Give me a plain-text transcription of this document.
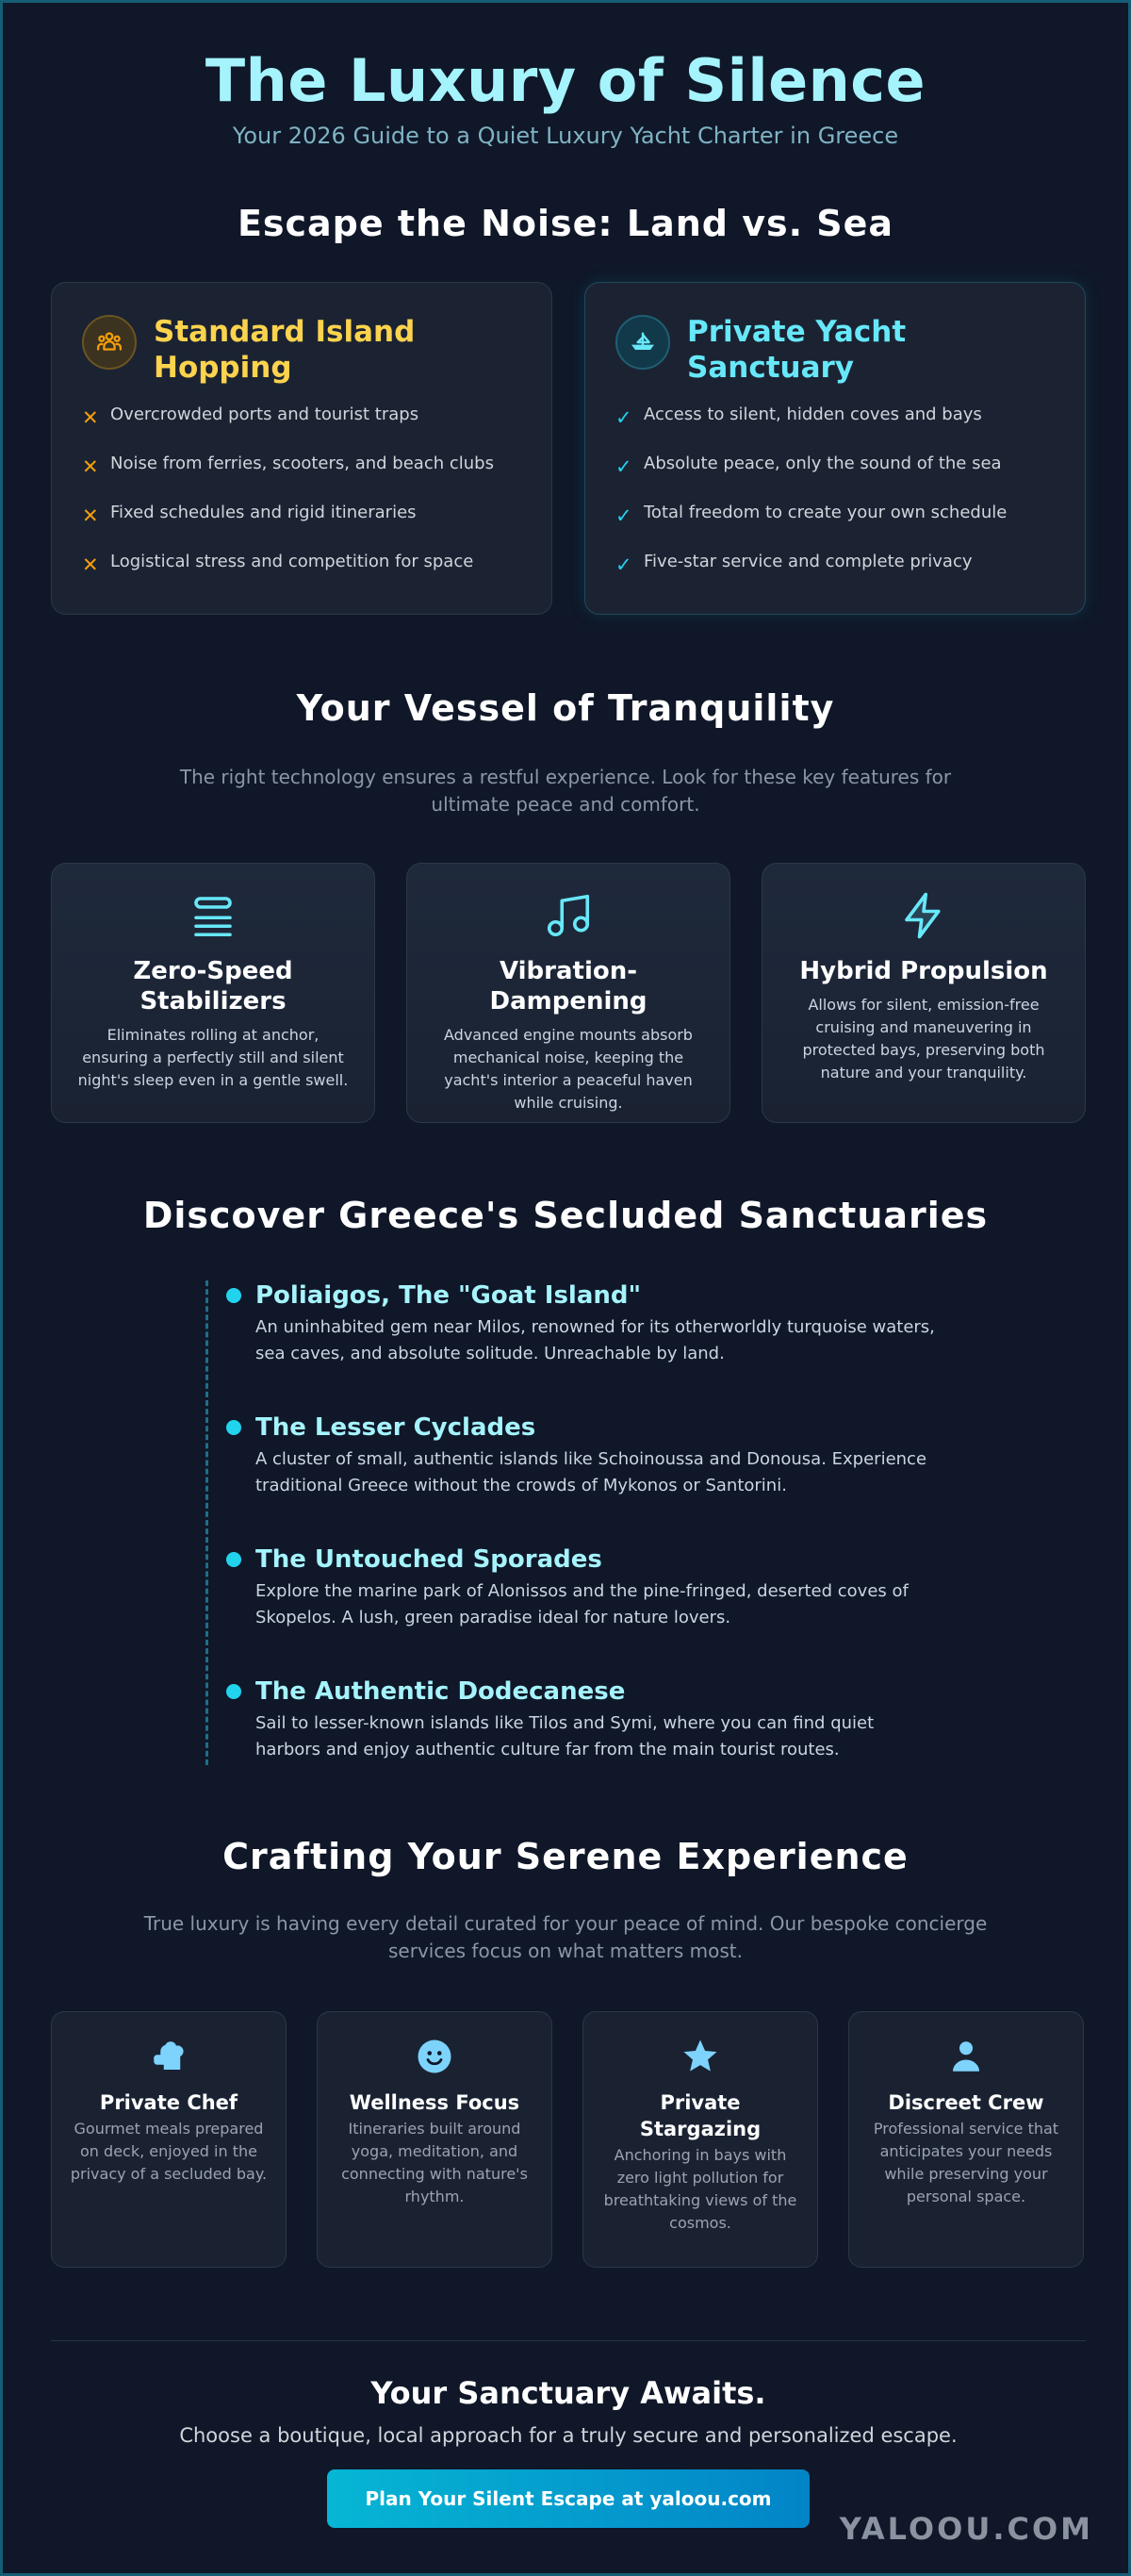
The Luxury of Silence
Your 2026 Guide to a Quiet Luxury Yacht Charter in Greece
Escape the Noise: Land vs. Sea
Standard Island
Hopping
✕ Overcrowded ports and tourist traps
✕ Noise from ferries, scooters, and beach clubs
✕ Fixed schedules and rigid itineraries
✕ Logistical stress and competition for space
Private Yacht
Sanctuary
✓ Access to silent, hidden coves and bays
✓ Absolute peace, only the sound of the sea
✓ Total freedom to create your own schedule
✓ Five-star service and complete privacy
Your Vessel of Tranquility
The right technology ensures a restful experience. Look for these key features for ultimate peace and comfort.
Zero-Speed
Stabilizers
Eliminates rolling at anchor, ensuring a perfectly still and silent night's sleep even in a gentle swell.
Vibration-Dampening
Advanced engine mounts absorb mechanical noise, keeping the yacht's interior a peaceful haven while cruising.
Hybrid Propulsion
Allows for silent, emission-free cruising and maneuvering in protected bays, preserving both nature and your tranquility.
Discover Greece's Secluded Sanctuaries
Poliaigos, The "Goat Island"
An uninhabited gem near Milos, renowned for its otherworldly turquoise waters, sea caves, and absolute solitude. Unreachable by land.
The Lesser Cyclades
A cluster of small, authentic islands like Schoinoussa and Donousa. Experience traditional Greece without the crowds of Mykonos or Santorini.
The Untouched Sporades
Explore the marine park of Alonissos and the pine-fringed, deserted coves of Skopelos. A lush, green paradise ideal for nature lovers.
The Authentic Dodecanese
Sail to lesser-known islands like Tilos and Symi, where you can find quiet harbors and enjoy authentic culture far from the main tourist routes.
Crafting Your Serene Experience
True luxury is having every detail curated for your peace of mind. Our bespoke concierge services focus on what matters most.
Private Chef
Gourmet meals prepared on deck, enjoyed in the privacy of a secluded bay.
Wellness Focus
Itineraries built around yoga, meditation, and connecting with nature's rhythm.
Private
Stargazing
Anchoring in bays with zero light pollution for breathtaking views of the cosmos.
Discreet Crew
Professional service that anticipates your needs while preserving your personal space.
Your Sanctuary Awaits.
Choose a boutique, local approach for a truly secure and personalized escape.
Plan Your Silent Escape at yaloou.com
YALOOU.COM
